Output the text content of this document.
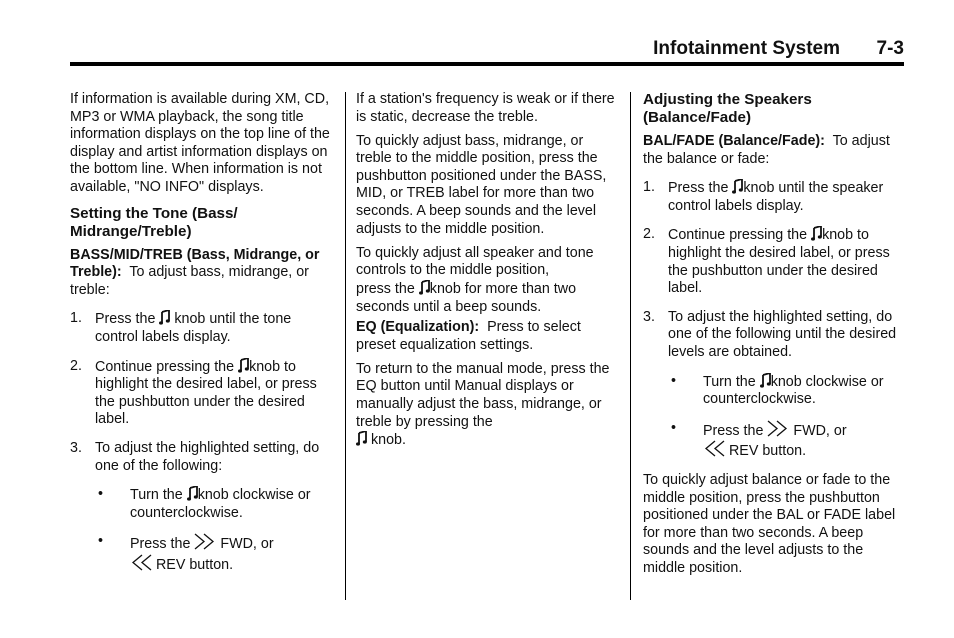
Infotainment System 7-3

If information is available during XM, CD, MP3 or WMA playback, the song title information displays on the top line of the display and artist information displays on the bottom line. When information is not available, "NO INFO" displays.

Setting the Tone (Bass/ Midrange/Treble)

BASS/MID/TREB (Bass, Midrange, or Treble): To adjust bass, midrange, or treble:

1. Press the knob until the tone control labels display.
2. Continue pressing the knob to highlight the desired label, or press the pushbutton under the desired label.
3. To adjust the highlighted setting, do one of the following:
• Turn the knob clockwise or counterclockwise.
• Press the FWD, or

REV button.

If a station's frequency is weak or if there is static, decrease the treble.

To quickly adjust bass, midrange, or treble to the middle position, press the pushbutton positioned under the BASS, MID, or TREB label for more than two seconds. A beep sounds and the level adjusts to the middle position.

To quickly adjust all speaker and tone controls to the middle position,
press the knob for more than two seconds until a beep sounds.

EQ (Equalization): Press to select preset equalization settings.

To return to the manual mode, press the EQ button until Manual displays or manually adjust the bass, midrange, or treble by pressing the

knob.

Adjusting the Speakers (Balance/Fade)

BAL/FADE (Balance/Fade): To adjust the balance or fade:

1. Press the knob until the speaker control labels display.
2. Continue pressing the knob to highlight the desired label, or press the pushbutton under the desired label.
3. To adjust the highlighted setting, do one of the following until the desired levels are obtained.
• Turn the knob clockwise or counterclockwise.
• Press the FWD, or

REV button.

To quickly adjust balance or fade to the middle position, press the pushbutton positioned under the BAL or FADE label for more than two seconds. A beep sounds and the level adjusts to the middle position.
